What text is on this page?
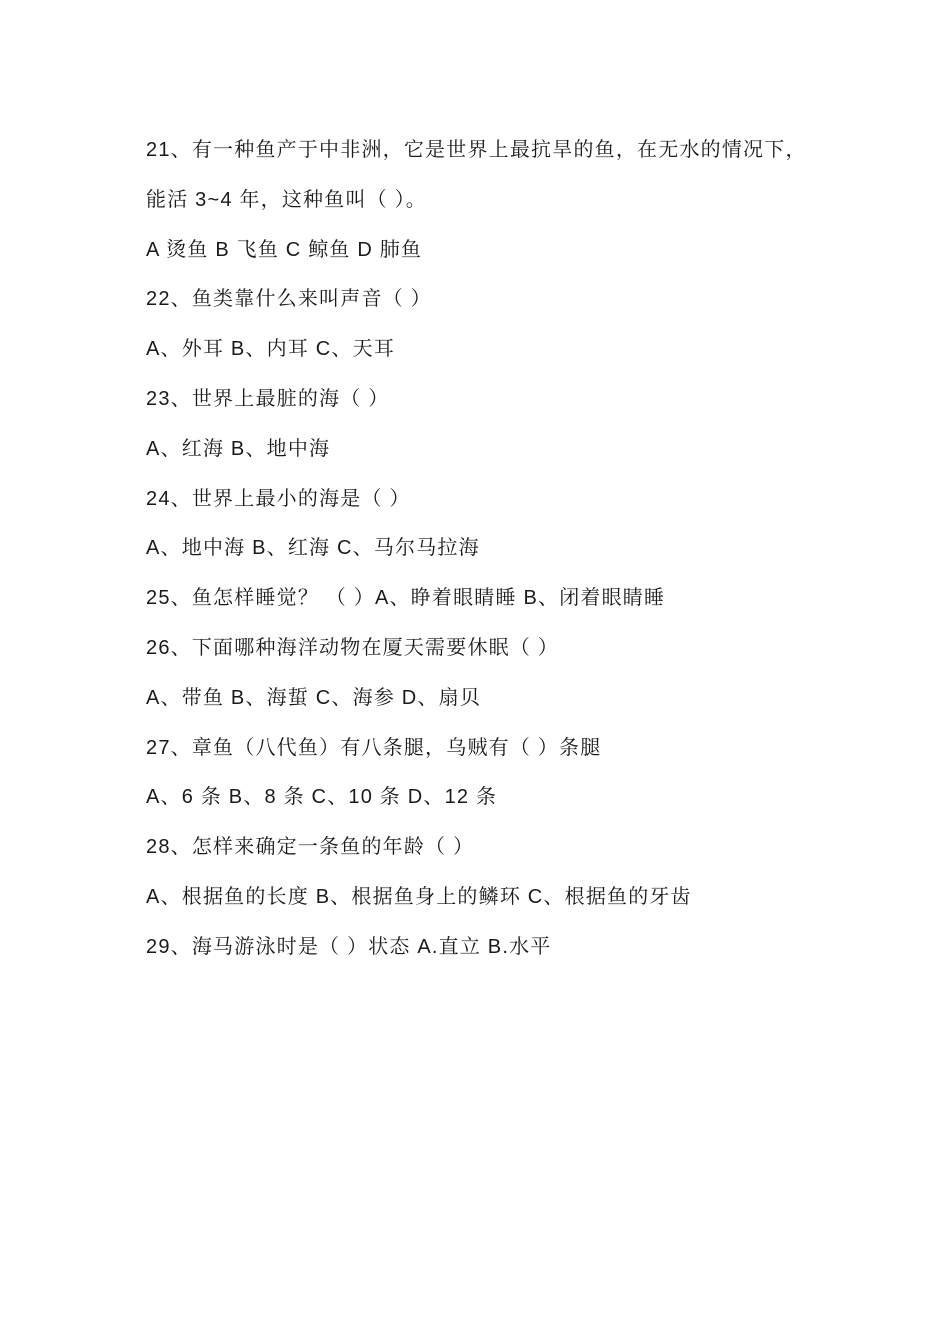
21、有一种鱼产于中非洲，它是世界上最抗旱的鱼，在无水的情况下，
能活 3~4 年，这种鱼叫（ ）。
A 烫鱼 B 飞鱼 C 鲸鱼 D 肺鱼
22、鱼类靠什么来叫声音（ ）
A、外耳 B、内耳 C、天耳
23、世界上最脏的海（ ）
A、红海 B、地中海
24、世界上最小的海是（ ）
A、地中海 B、红海 C、马尔马拉海
25、鱼怎样睡觉？ （ ）A、睁着眼睛睡 B、闭着眼睛睡
26、下面哪种海洋动物在厦天需要休眠（ ）
A、带鱼 B、海蜇 C、海参 D、扇贝
27、章鱼（八代鱼）有八条腿，乌贼有（ ）条腿
A、6 条 B、8 条 C、10 条 D、12 条
28、怎样来确定一条鱼的年龄（ ）
A、根据鱼的长度 B、根据鱼身上的鳞环 C、根据鱼的牙齿
29、海马游泳时是（ ）状态 A.直立 B.水平
